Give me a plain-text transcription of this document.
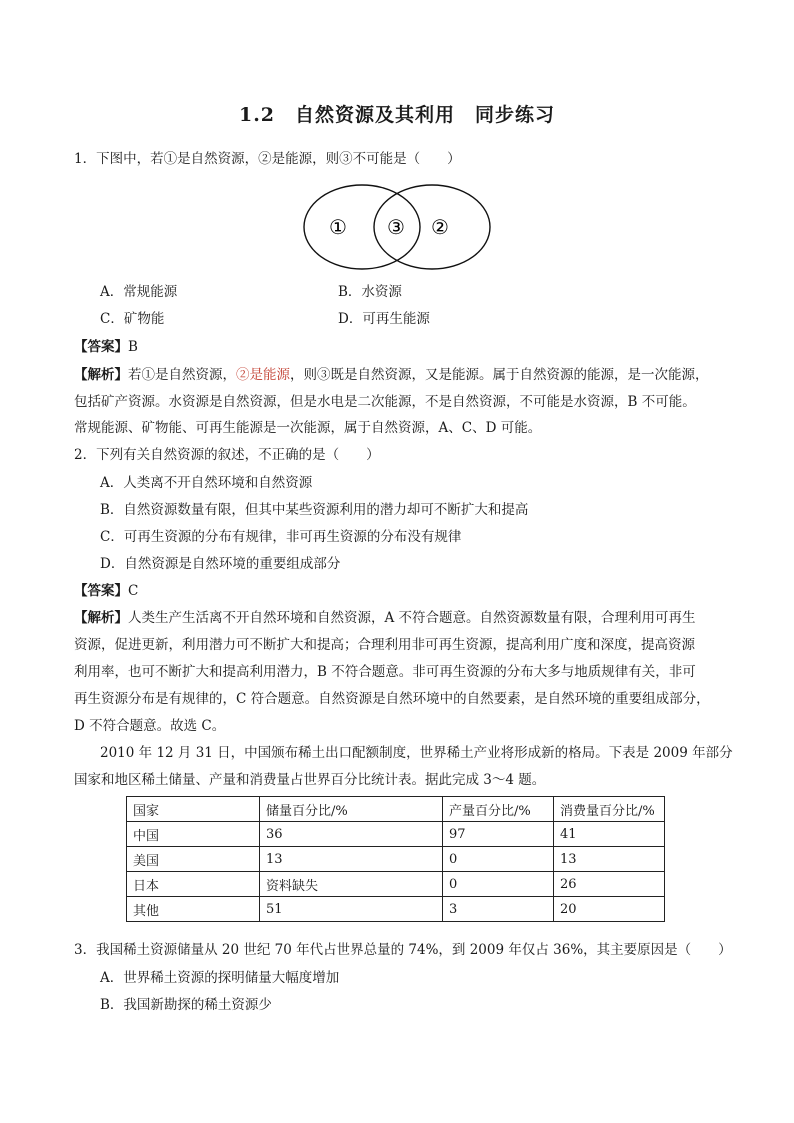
1.2　自然资源及其利用　同步练习
1．下图中，若①是自然资源，②是能源，则③不可能是（　　）
① ③ ②
A．常规能源	B．水资源
C．矿物能	D．可再生能源
【答案】B
【解析】若①是自然资源，②是能源，则③既是自然资源，又是能源。属于自然资源的能源，是一次能源，
包括矿产资源。水资源是自然资源，但是水电是二次能源，不是自然资源，不可能是水资源，B 不可能。
常规能源、矿物能、可再生能源是一次能源，属于自然资源，A、C、D 可能。
2．下列有关自然资源的叙述，不正确的是（　　）
A．人类离不开自然环境和自然资源
B．自然资源数量有限，但其中某些资源利用的潜力却可不断扩大和提高
C．可再生资源的分布有规律，非可再生资源的分布没有规律
D．自然资源是自然环境的重要组成部分
【答案】C
【解析】人类生产生活离不开自然环境和自然资源，A 不符合题意。自然资源数量有限，合理利用可再生
资源，促进更新，利用潜力可不断扩大和提高；合理利用非可再生资源，提高利用广度和深度，提高资源
利用率，也可不断扩大和提高利用潜力，B 不符合题意。非可再生资源的分布大多与地质规律有关，非可
再生资源分布是有规律的，C 符合题意。自然资源是自然环境中的自然要素，是自然环境的重要组成部分，
D 不符合题意。故选 C。
2010 年 12 月 31 日，中国颁布稀土出口配额制度，世界稀土产业将形成新的格局。下表是 2009 年部分
国家和地区稀土储量、产量和消费量占世界百分比统计表。据此完成 3～4 题。
国家	储量百分比/%	产量百分比/%	消费量百分比/%
中国	36	97	41
美国	13	0	13
日本	资料缺失	0	26
其他	51	3	20
3．我国稀土资源储量从 20 世纪 70 年代占世界总量的 74%，到 2009 年仅占 36%，其主要原因是（　　）
A．世界稀土资源的探明储量大幅度增加
B．我国新勘探的稀土资源少
